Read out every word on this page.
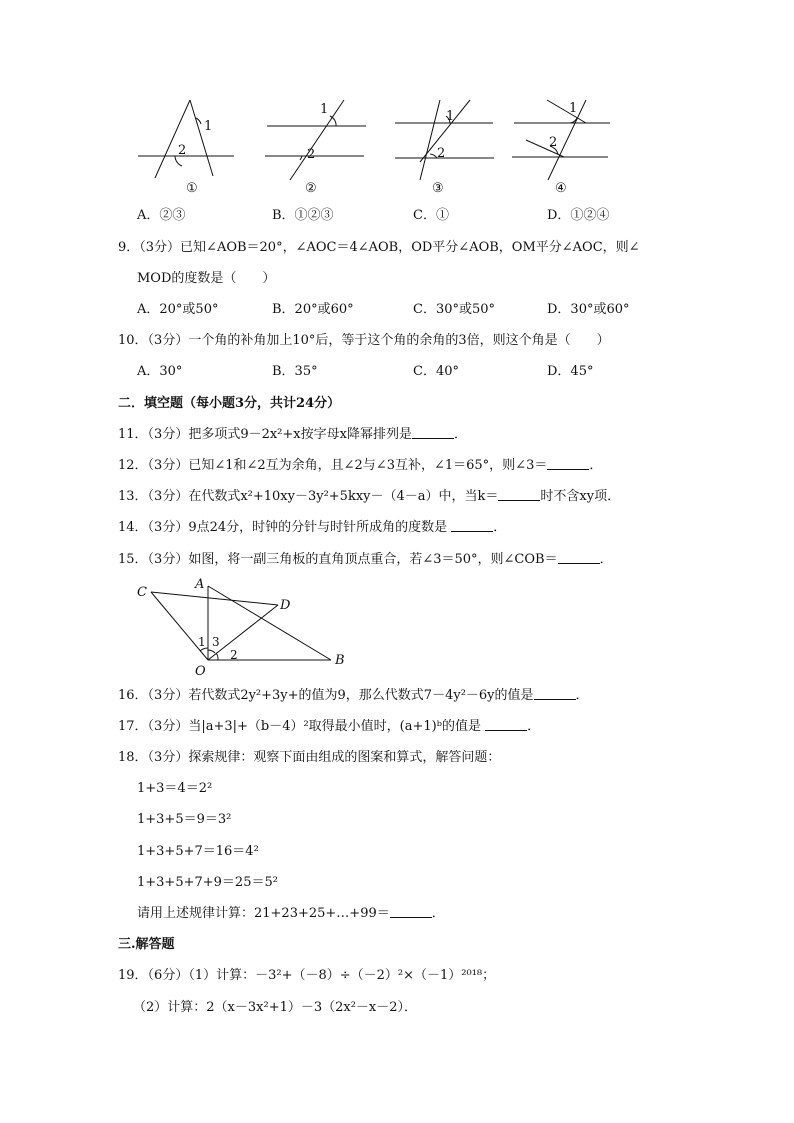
1
2
1
2
1
2
1
2
①	②	③	④
A．②③	B．①②③	C．①	D．①②④
9．（3分）已知∠AOB＝20°，∠AOC＝4∠AOB，OD平分∠AOB，OM平分∠AOC，则∠
MOD的度数是（　　）
A．20°或50°	B．20°或60°	C．30°或50°	D．30°或60°
10．（3分）一个角的补角加上10°后，等于这个角的余角的3倍，则这个角是（　　）
A．30°	B．35°	C．40°	D．45°
二．填空题（每小题3分，共计24分）
11．（3分）把多项式9－2x²+x按字母x降幂排列是	．
12．（3分）已知∠1和∠2互为余角，且∠2与∠3互补，∠1＝65°，则∠3＝	．
13．（3分）在代数式x²+10xy－3y²+5kxy－（4－a）中，当k＝	时不含xy项．
14．（3分）9点24分，时钟的分针与时针所成角的度数是	．
15．（3分）如图，将一副三角板的直角顶点重合，若∠3＝50°，则∠COB＝	．
C
A
D
O
B
1 3
2
16．（3分）若代数式2y²+3y+的值为9，那么代数式7－4y²－6y的值是	．
17．（3分）当|a+3|+（b－4）²取得最小值时，(a+1)ᵇ的值是	．
18．（3分）探索规律：观察下面由组成的图案和算式，解答问题：
1+3＝4＝2²
1+3+5＝9＝3²
1+3+5+7＝16＝4²
1+3+5+7+9＝25＝5²
请用上述规律计算：21+23+25+…+99＝	．
三.解答题
19．（6分）（1）计算：－3²+（－8）÷（－2）²×（－1）²⁰¹⁸；
（2）计算：2（x－3x²+1）－3（2x²－x－2）．
